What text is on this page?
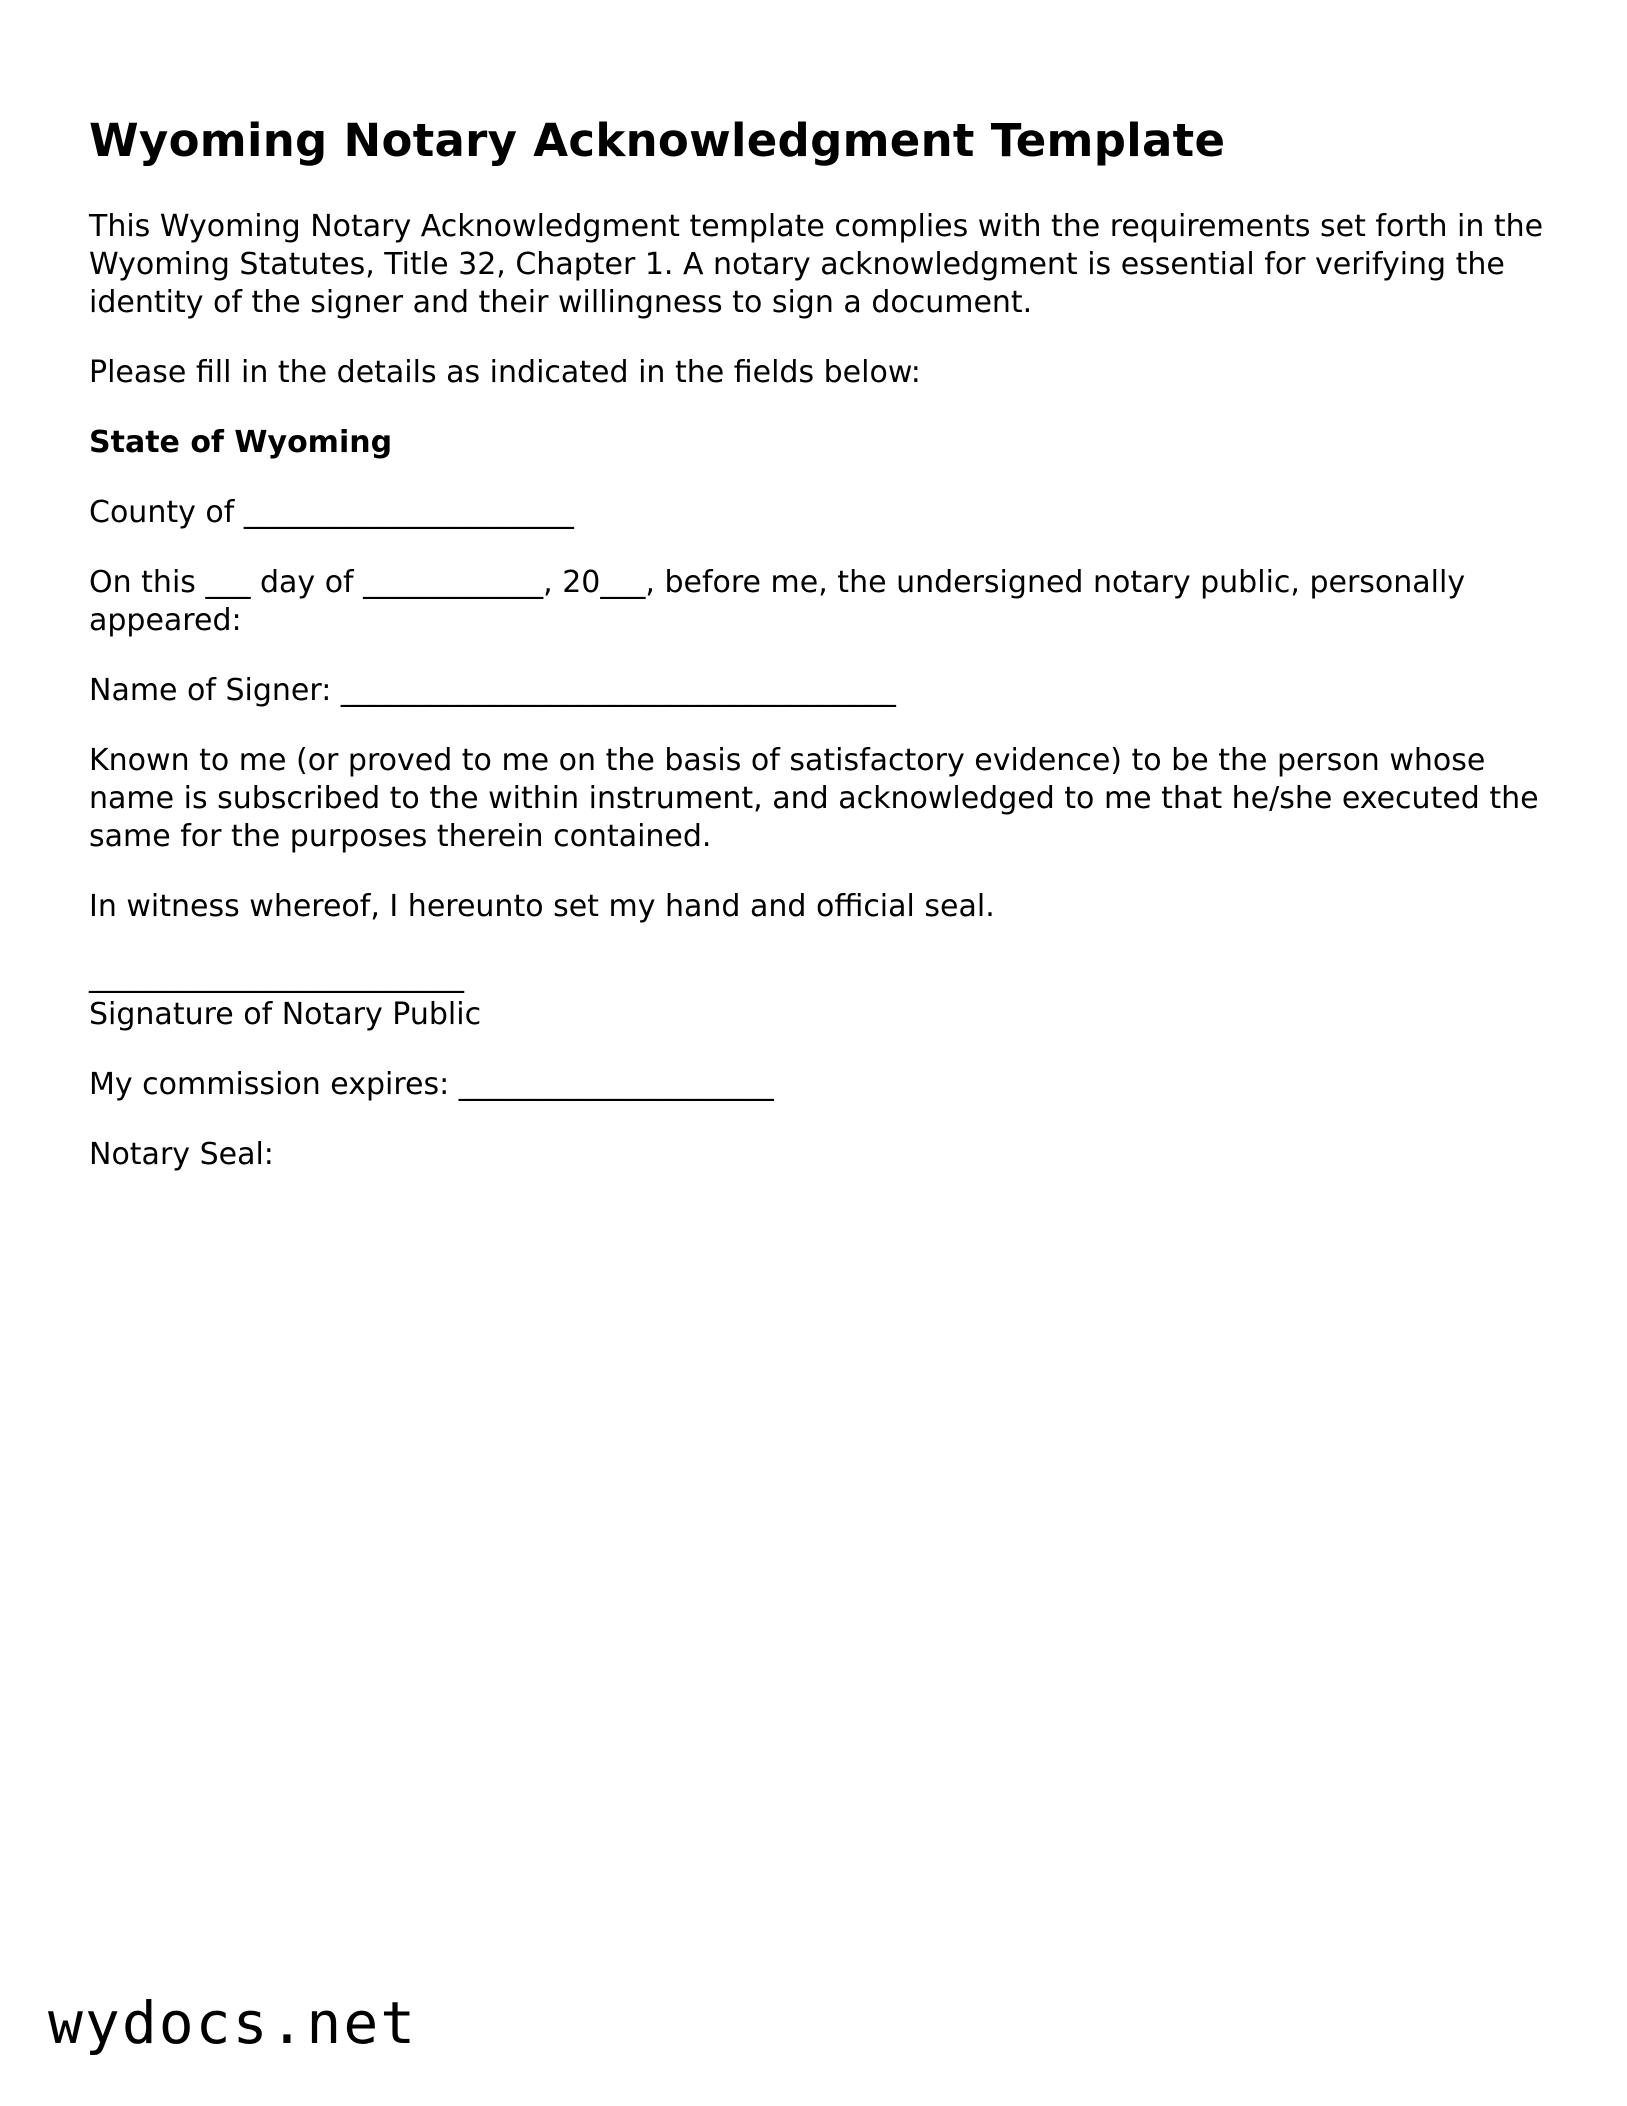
Wyoming Notary Acknowledgment Template

This Wyoming Notary Acknowledgment template complies with the requirements set forth in the Wyoming Statutes, Title 32, Chapter 1. A notary acknowledgment is essential for verifying the identity of the signer and their willingness to sign a document.

Please fill in the details as indicated in the fields below:

State of Wyoming

County of ______________________

On this ___ day of ____________, 20___, before me, the undersigned notary public, personally appeared:

Name of Signer: _____________________________________

Known to me (or proved to me on the basis of satisfactory evidence) to be the person whose name is subscribed to the within instrument, and acknowledged to me that he/she executed the same for the purposes therein contained.

In witness whereof, I hereunto set my hand and official seal.

_________________________

Signature of Notary Public

My commission expires: _____________________

Notary Seal:

wydocs.net
